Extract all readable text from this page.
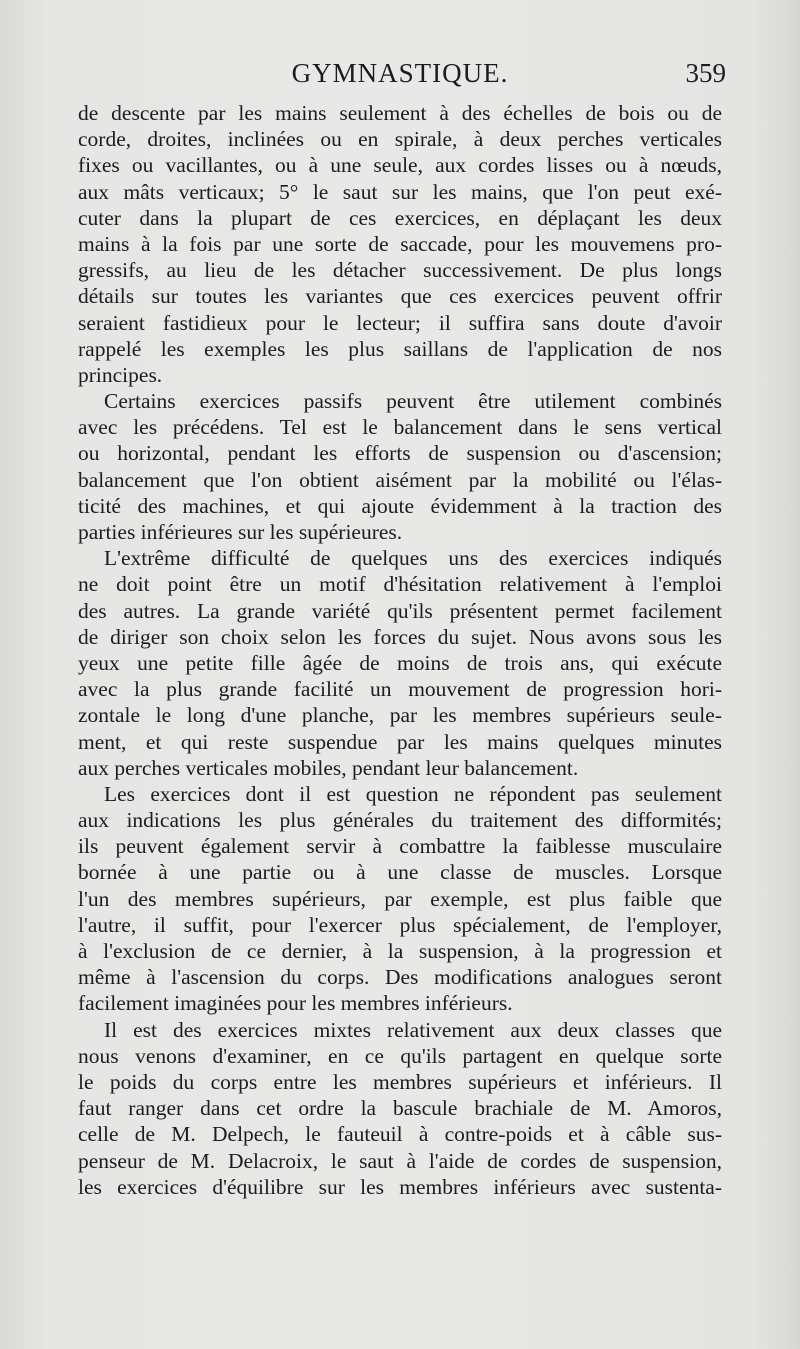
GYMNASTIQUE.	359
de descente par les mains seulement à des échelles de bois ou de
corde, droites, inclinées ou en spirale, à deux perches verticales
fixes ou vacillantes, ou à une seule, aux cordes lisses ou à nœuds,
aux mâts verticaux; 5° le saut sur les mains, que l'on peut exé-
cuter dans la plupart de ces exercices, en déplaçant les deux
mains à la fois par une sorte de saccade, pour les mouvemens pro-
gressifs, au lieu de les détacher successivement. De plus longs
détails sur toutes les variantes que ces exercices peuvent offrir
seraient fastidieux pour le lecteur; il suffira sans doute d'avoir
rappelé les exemples les plus saillans de l'application de nos
principes.
Certains exercices passifs peuvent être utilement combinés
avec les précédens. Tel est le balancement dans le sens vertical
ou horizontal, pendant les efforts de suspension ou d'ascension;
balancement que l'on obtient aisément par la mobilité ou l'élas-
ticité des machines, et qui ajoute évidemment à la traction des
parties inférieures sur les supérieures.
L'extrême difficulté de quelques uns des exercices indiqués
ne doit point être un motif d'hésitation relativement à l'emploi
des autres. La grande variété qu'ils présentent permet facilement
de diriger son choix selon les forces du sujet. Nous avons sous les
yeux une petite fille âgée de moins de trois ans, qui exécute
avec la plus grande facilité un mouvement de progression hori-
zontale le long d'une planche, par les membres supérieurs seule-
ment, et qui reste suspendue par les mains quelques minutes
aux perches verticales mobiles, pendant leur balancement.
Les exercices dont il est question ne répondent pas seulement
aux indications les plus générales du traitement des difformités;
ils peuvent également servir à combattre la faiblesse musculaire
bornée à une partie ou à une classe de muscles. Lorsque
l'un des membres supérieurs, par exemple, est plus faible que
l'autre, il suffit, pour l'exercer plus spécialement, de l'employer,
à l'exclusion de ce dernier, à la suspension, à la progression et
même à l'ascension du corps. Des modifications analogues seront
facilement imaginées pour les membres inférieurs.
Il est des exercices mixtes relativement aux deux classes que
nous venons d'examiner, en ce qu'ils partagent en quelque sorte
le poids du corps entre les membres supérieurs et inférieurs. Il
faut ranger dans cet ordre la bascule brachiale de M. Amoros,
celle de M. Delpech, le fauteuil à contre-poids et à câble sus-
penseur de M. Delacroix, le saut à l'aide de cordes de suspension,
les exercices d'équilibre sur les membres inférieurs avec sustenta-
